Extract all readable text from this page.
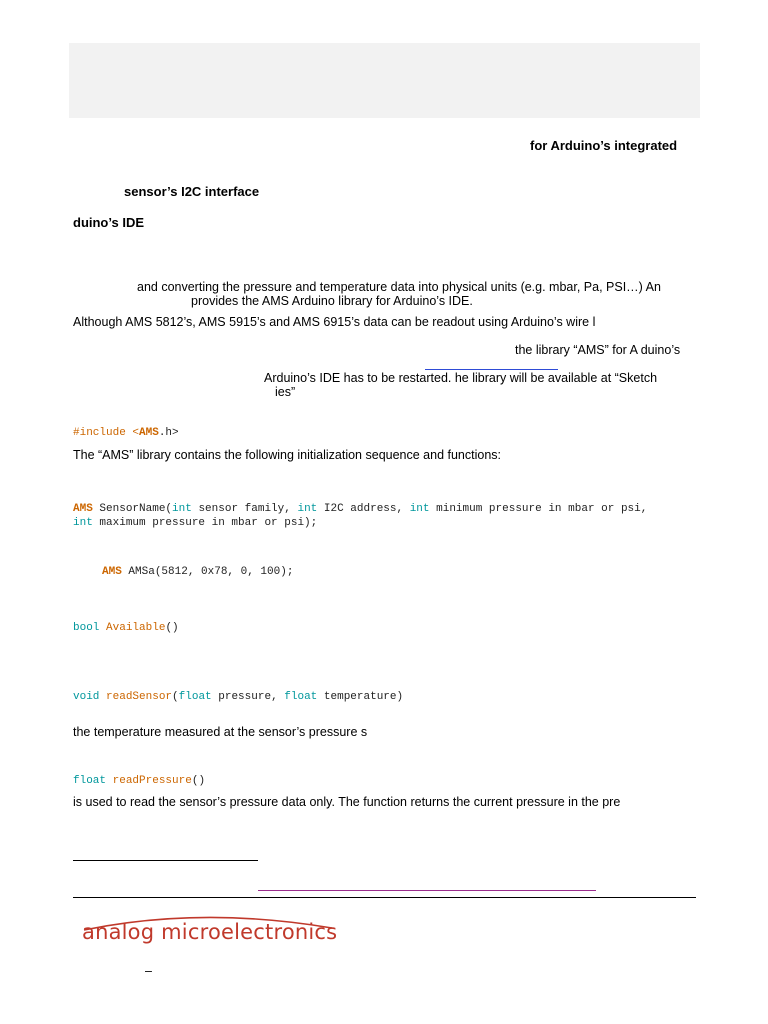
for Arduino’s integrated
sensor’s I2C interface
duino’s IDE
and converting the pressure and temperature data into physical units (e.g. mbar, Pa, PSI…) An
provides the AMS Arduino library for Arduino’s IDE.
Although AMS 5812’s, AMS 5915’s and AMS 6915’s data can be readout using Arduino’s wire l
the library “AMS” for A duino’s
Arduino’s IDE has to be restarted. he library will be available at “Sketch
ies”
#include <AMS.h>
The “AMS” library contains the following initialization sequence and functions:
AMS SensorName(int sensor family, int I2C address, int minimum pressure in mbar or psi,
int maximum pressure in mbar or psi);
AMS AMSa(5812, 0x78, 0, 100);
bool Available()
void readSensor(float pressure, float temperature)
the temperature measured at the sensor’s pressure s
float readPressure()
is used to read the sensor’s pressure data only. The function returns the current pressure in the pre
analog microelectronics
–
